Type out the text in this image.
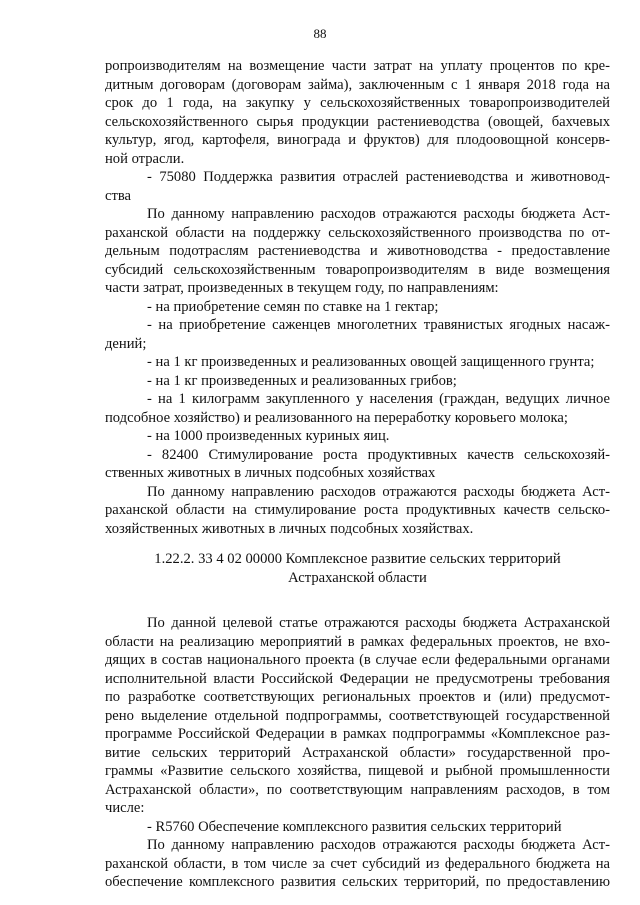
88
ропроизводителям на возмещение части затрат на уплату процентов по кре-
дитным договорам (договорам займа), заключенным с 1 января 2018 года на
срок до 1 года, на закупку у сельскохозяйственных товаропроизводителей
сельскохозяйственного сырья продукции растениеводства (овощей, бахчевых
культур, ягод, картофеля, винограда и фруктов) для плодоовощной консерв-
ной отрасли.
- 75080 Поддержка развития отраслей растениеводства и животновод-
ства
По данному направлению расходов отражаются расходы бюджета Аст-
раханской области на поддержку сельскохозяйственного производства по от-
дельным подотраслям растениеводства и животноводства - предоставление
субсидий сельскохозяйственным товаропроизводителям в виде возмещения
части затрат, произведенных в текущем году, по направлениям:
- на приобретение семян по ставке на 1 гектар;
- на приобретение саженцев многолетних травянистых ягодных насаж-
дений;
- на 1 кг произведенных и реализованных овощей защищенного грунта;
- на 1 кг произведенных и реализованных грибов;
- на 1 килограмм закупленного у населения (граждан, ведущих личное
подсобное хозяйство) и реализованного на переработку коровьего молока;
- на 1000 произведенных куриных яиц.
- 82400 Стимулирование роста продуктивных качеств сельскохозяй-
ственных животных в личных подсобных хозяйствах
По данному направлению расходов отражаются расходы бюджета Аст-
раханской области на стимулирование роста продуктивных качеств сельско-
хозяйственных животных в личных подсобных хозяйствах.
1.22.2. 33 4 02 00000 Комплексное развитие сельских территорий
Астраханской области
По данной целевой статье отражаются расходы бюджета Астраханской
области на реализацию мероприятий в рамках федеральных проектов, не вхо-
дящих в состав национального проекта (в случае если федеральными органами
исполнительной власти Российской Федерации не предусмотрены требования
по разработке соответствующих региональных проектов и (или) предусмот-
рено выделение отдельной подпрограммы, соответствующей государственной
программе Российской Федерации в рамках подпрограммы «Комплексное раз-
витие сельских территорий Астраханской области» государственной про-
граммы «Развитие сельского хозяйства, пищевой и рыбной промышленности
Астраханской области», по соответствующим направлениям расходов, в том
числе:
- R5760 Обеспечение комплексного развития сельских территорий
По данному направлению расходов отражаются расходы бюджета Аст-
раханской области, в том числе за счет субсидий из федерального бюджета на
обеспечение комплексного развития сельских территорий, по предоставлению
